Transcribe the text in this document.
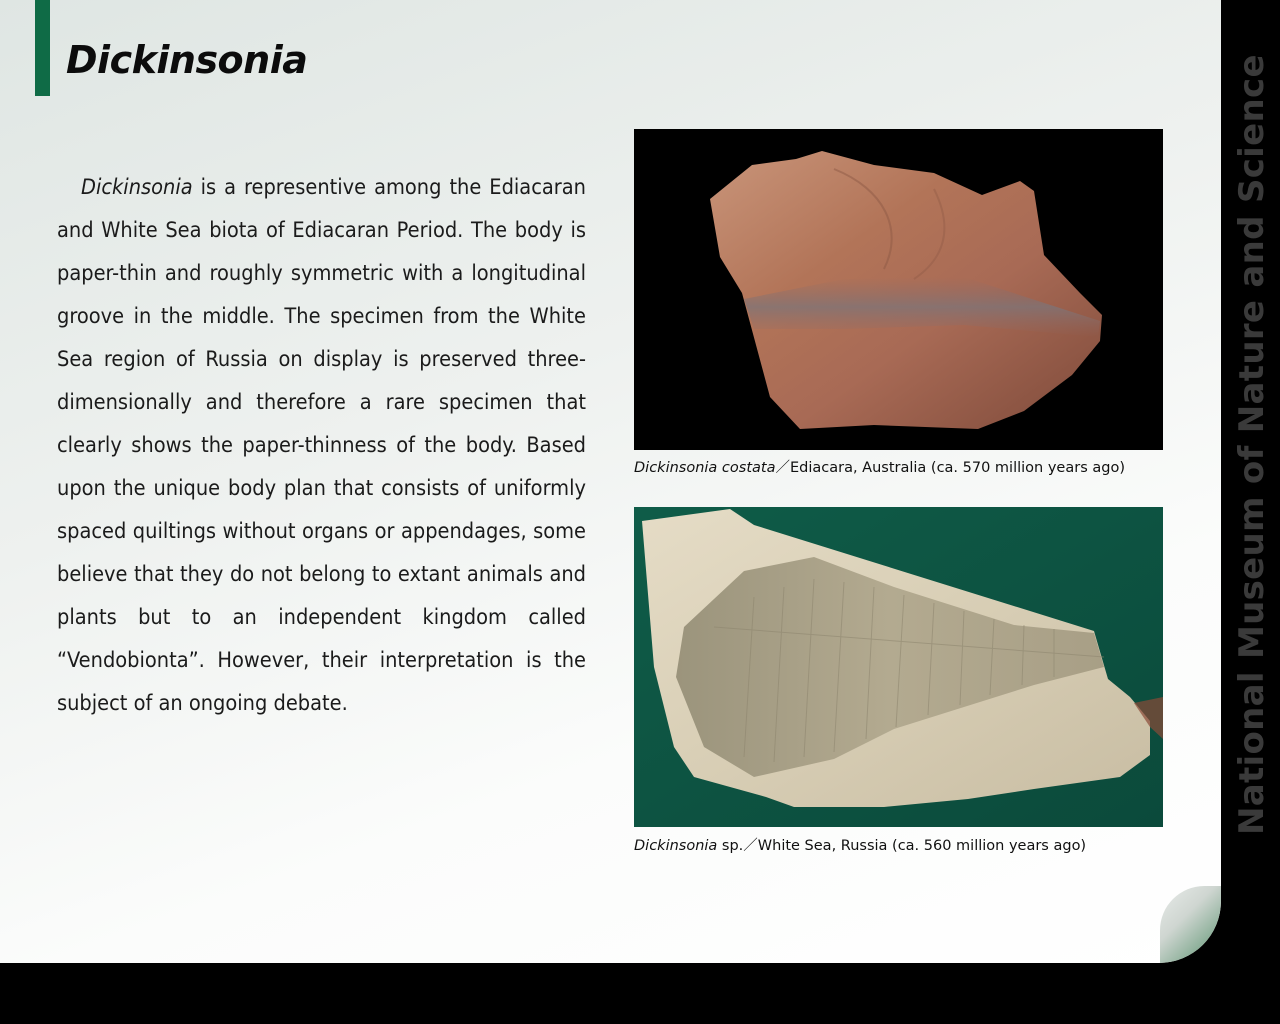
Dickinsonia

Dickinsonia is a representive among the Ediacaran and White Sea biota of Ediacaran Period. The body is paper-thin and roughly symmetric with a longitudinal groove in the middle. The specimen from the White Sea region of Russia on display is preserved three-dimensionally and therefore a rare specimen that clearly shows the paper-thinness of the body. Based upon the unique body plan that consists of uniformly spaced quiltings without organs or appendages, some believe that they do not belong to extant animals and plants but to an independent kingdom called “Vendobionta”. However, their interpretation is the subject of an ongoing debate.

Dickinsonia costata／Ediacara, Australia (ca. 570 million years ago)
Dickinsonia sp.／White Sea, Russia (ca. 560 million years ago)
National Museum of Nature and Science
